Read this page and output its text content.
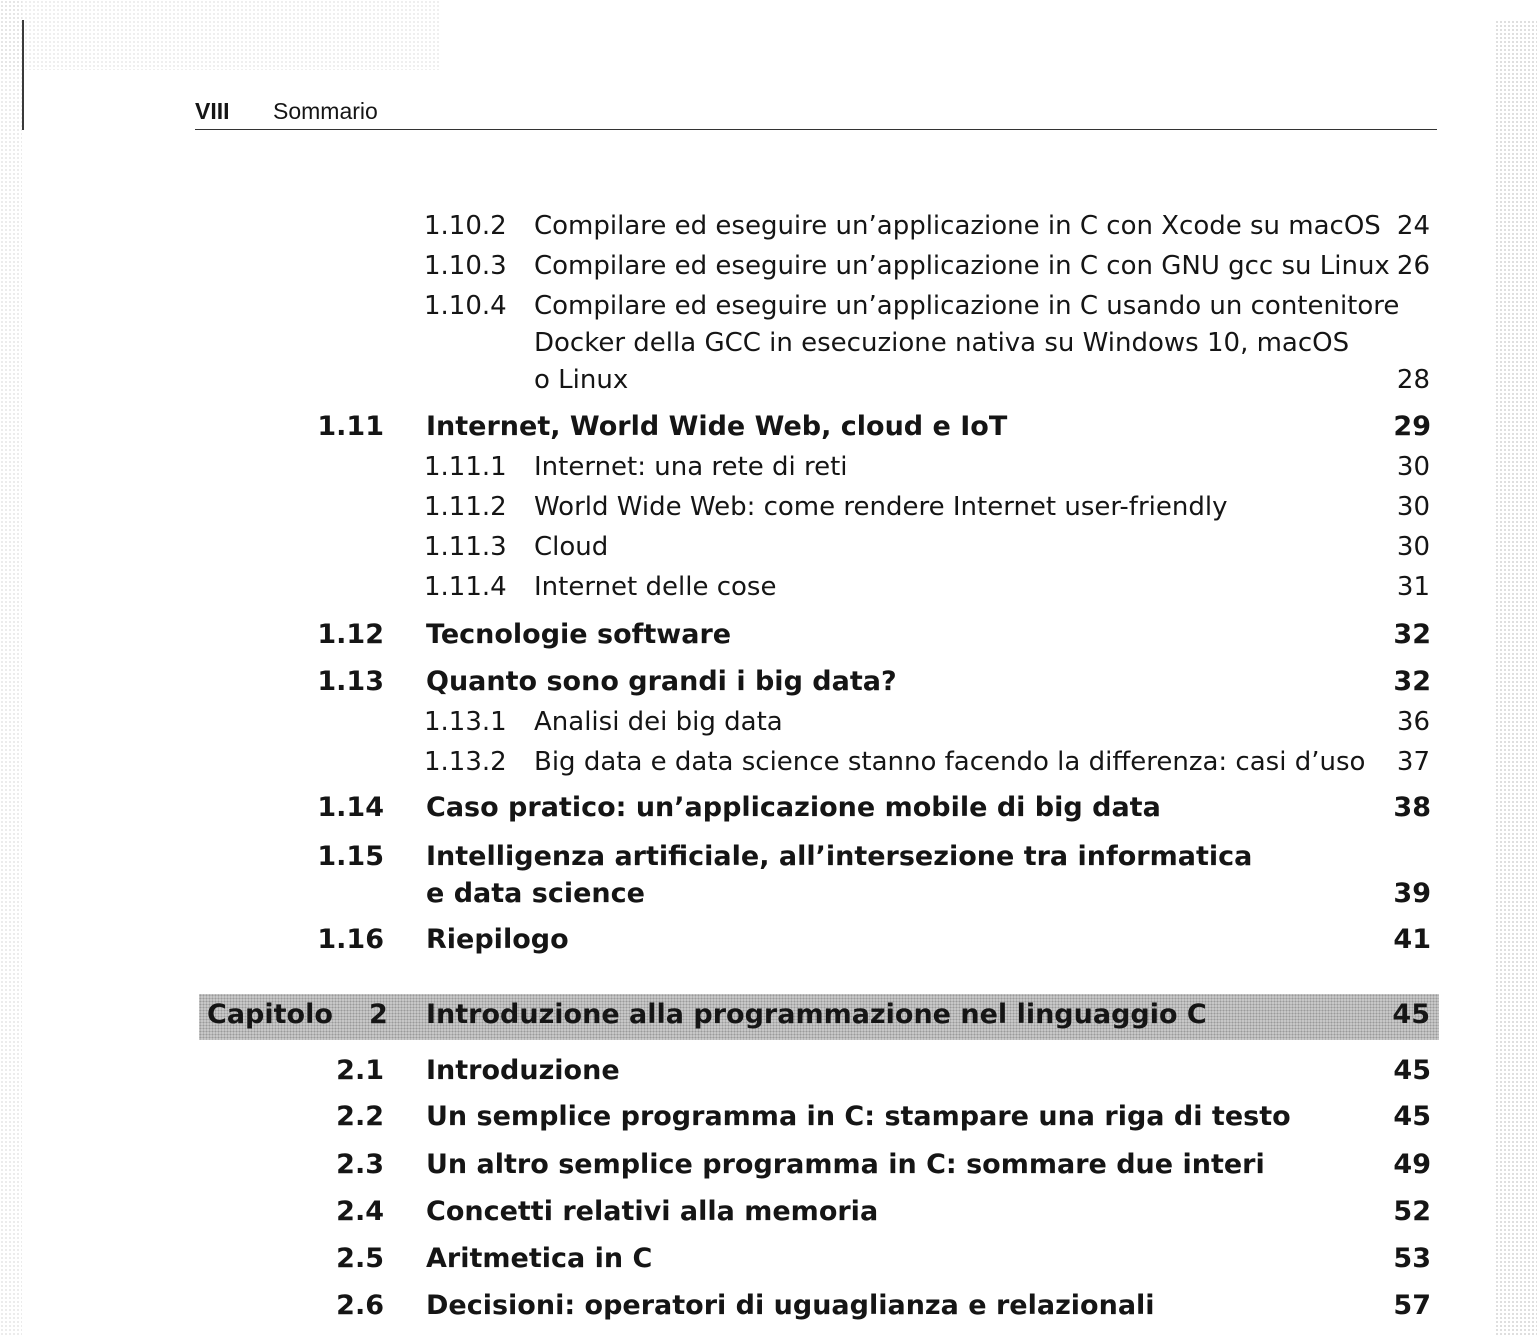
VIII Sommario
1.10.2 Compilare ed eseguire un’applicazione in C con Xcode su macOS 24
1.10.3 Compilare ed eseguire un’applicazione in C con GNU gcc su Linux 26
1.10.4 Compilare ed eseguire un’applicazione in C usando un contenitore
Docker della GCC in esecuzione nativa su Windows 10, macOS
o Linux	28
1.11 Internet, World Wide Web, cloud e IoT	29
1.11.1 Internet: una rete di reti	30
1.11.2 World Wide Web: come rendere Internet user-friendly	30
1.11.3 Cloud	30
1.11.4 Internet delle cose	31
1.12 Tecnologie software	32
1.13 Quanto sono grandi i big data?	32
1.13.1 Analisi dei big data	36
1.13.2 Big data e data science stanno facendo la differenza: casi d’uso 37
1.14 Caso pratico: un’applicazione mobile di big data	38
1.15 Intelligenza artificiale, all’intersezione tra informatica
e data science	39
1.16 Riepilogo	41
Capitolo 2 Introduzione alla programmazione nel linguaggio C	45
2.1 Introduzione	45
2.2 Un semplice programma in C: stampare una riga di testo	45
2.3 Un altro semplice programma in C: sommare due interi	49
2.4 Concetti relativi alla memoria	52
2.5 Aritmetica in C	53
2.6 Decisioni: operatori di uguaglianza e relazionali	57
